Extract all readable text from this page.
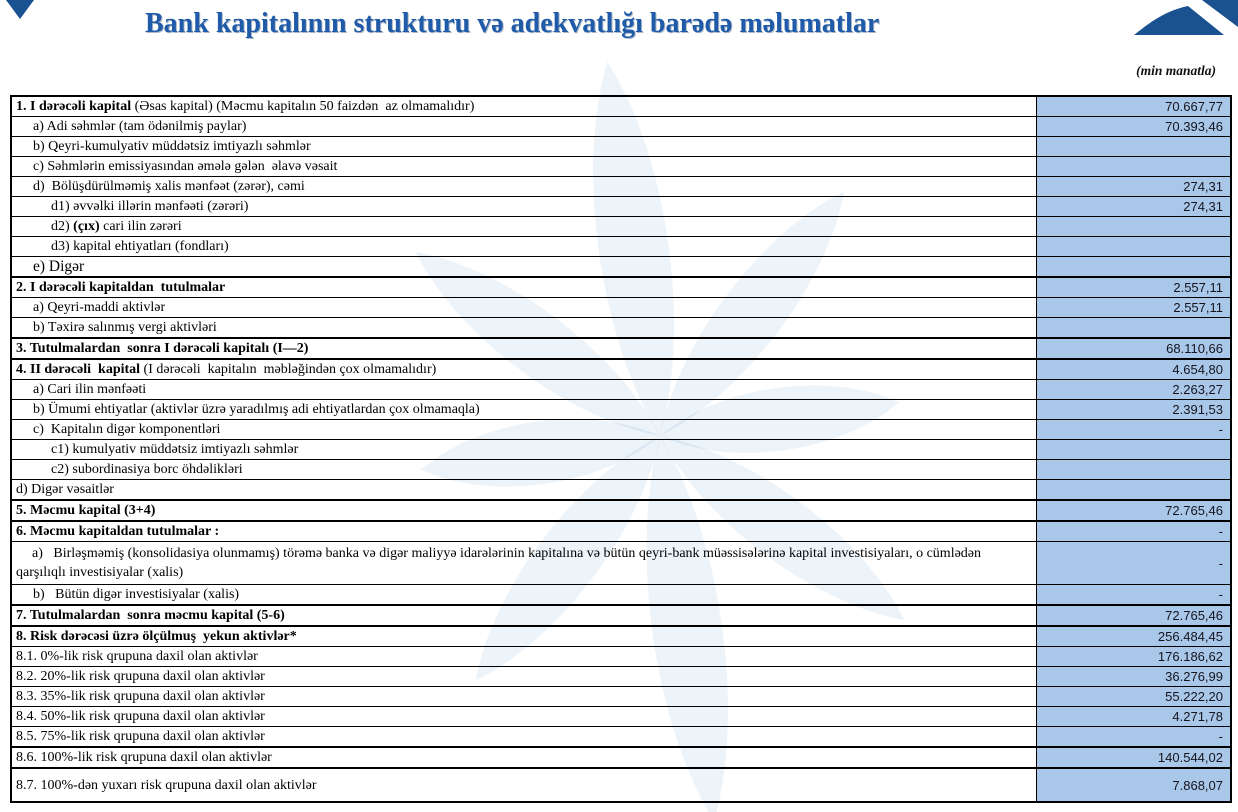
Bank kapitalının strukturu və adekvatlığı barədə məlumatlar
(min manatla)
1. I dərəcəli kapital (Əsas kapital) (Məcmu kapitalın 50 faizdən  az olmamalıdır)	70.667,77
a) Adi səhmlər (tam ödənilmiş paylar)	70.393,46
b) Qeyri-kumulyativ müddətsiz imtiyazlı səhmlər	
c) Səhmlərin emissiyasından əmələ gələn  əlavə vəsait	
d)  Bölüşdürülməmiş xalis mənfəət (zərər), cəmi	274,31
d1) əvvəlki illərin mənfəəti (zərəri)	274,31
d2) (çıx) cari ilin zərəri	
d3) kapital ehtiyatları (fondları)	
e) Digər	
2. I dərəcəli kapitaldan  tutulmalar	2.557,11
a) Qeyri-maddi aktivlər	2.557,11
b) Təxirə salınmış vergi aktivləri	
3. Tutulmalardan  sonra I dərəcəli kapitalı (I—2)	68.110,66
4. II dərəcəli  kapital (I dərəcəli  kapitalın  məbləğindən çox olmamalıdır)	4.654,80
a) Cari ilin mənfəəti	2.263,27
b) Ümumi ehtiyatlar (aktivlər üzrə yaradılmış adi ehtiyatlardan çox olmamaqla)	2.391,53
c)  Kapitalın digər komponentləri	-
c1) kumulyativ müddətsiz imtiyazlı səhmlər	
c2) subordinasiya borc öhdəlikləri	
d) Digər vəsaitlər	
5. Məcmu kapital (3+4)	72.765,46
6. Məcmu kapitaldan tutulmalar :	-
a)   Birləşməmiş (konsolidasiya olunmamış) törəmə banka və digər maliyyə idarələrinin kapitalına və bütün qeyri-bank müəssisələrinə kapital investisiyaları, o cümlədən qarşılıqlı investisiyalar (xalis)	-
b)   Bütün digər investisiyalar (xalis)	-
7. Tutulmalardan  sonra məcmu kapital (5-6)	72.765,46
8. Risk dərəcəsi üzrə ölçülmuş  yekun aktivlər*	256.484,45
8.1. 0%-lik risk qrupuna daxil olan aktivlər	176.186,62
8.2. 20%-lik risk qrupuna daxil olan aktivlər	36.276,99
8.3. 35%-lik risk qrupuna daxil olan aktivlər	55.222,20
8.4. 50%-lik risk qrupuna daxil olan aktivlər	4.271,78
8.5. 75%-lik risk qrupuna daxil olan aktivlər	-
8.6. 100%-lik risk qrupuna daxil olan aktivlər	140.544,02
8.7. 100%-dən yuxarı risk qrupuna daxil olan aktivlər	7.868,07
